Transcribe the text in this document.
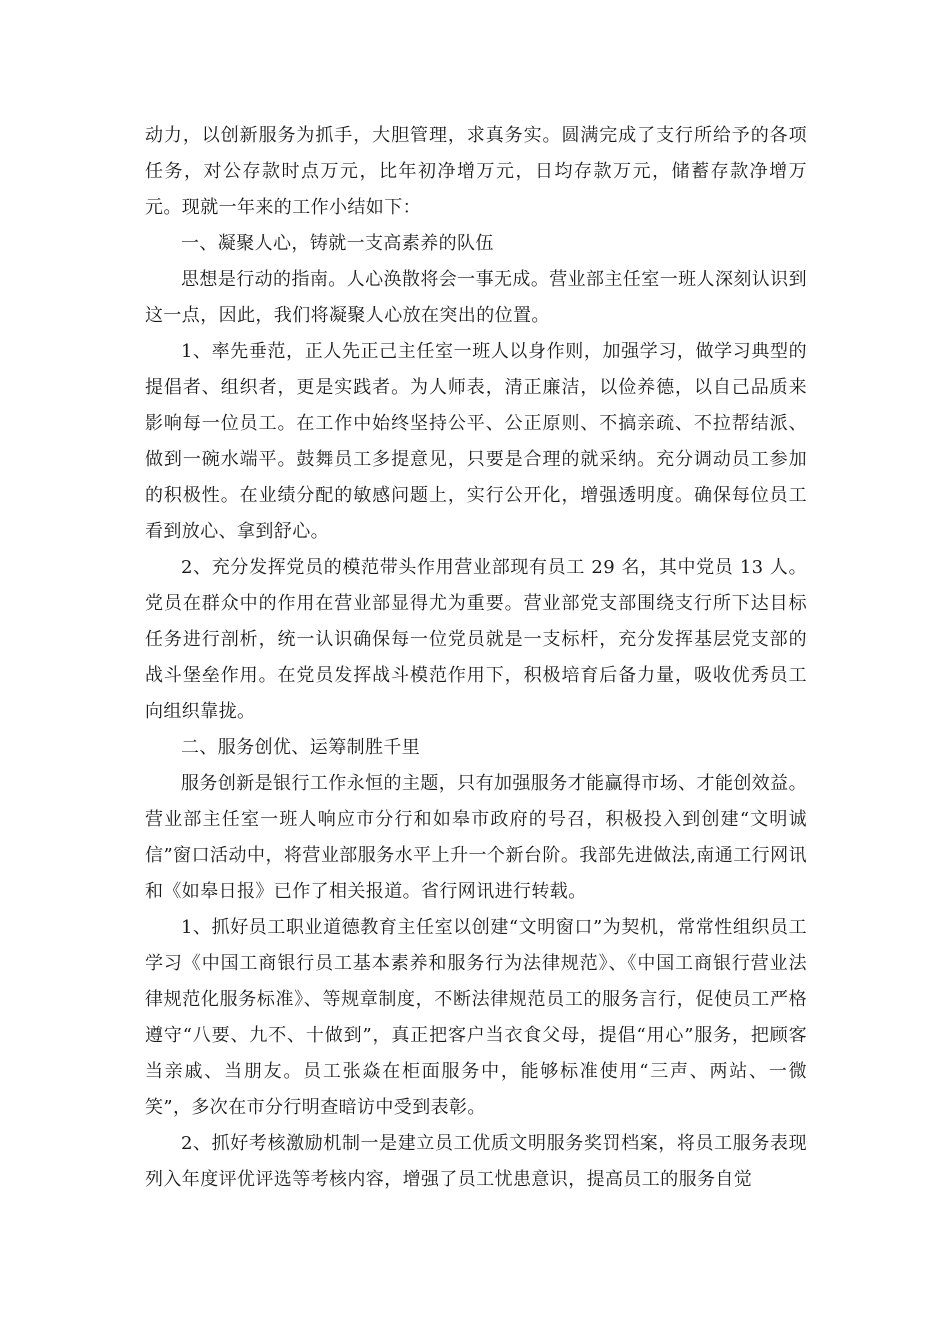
动力，以创新服务为抓手，大胆管理，求真务实。圆满完成了支行所给予的各项任务，对公存款时点万元，比年初净增万元，日均存款万元，储蓄存款净增万元。现就一年来的工作小结如下：

一、凝聚人心，铸就一支高素养的队伍

思想是行动的指南。人心涣散将会一事无成。营业部主任室一班人深刻认识到这一点，因此，我们将凝聚人心放在突出的位置。

1、率先垂范，正人先正己主任室一班人以身作则，加强学习，做学习典型的提倡者、组织者，更是实践者。为人师表，清正廉洁，以俭养德，以自己品质来影响每一位员工。在工作中始终坚持公平、公正原则、不搞亲疏、不拉帮结派、做到一碗水端平。鼓舞员工多提意见，只要是合理的就采纳。充分调动员工参加的积极性。在业绩分配的敏感问题上，实行公开化，增强透明度。确保每位员工看到放心、拿到舒心。

2、充分发挥党员的模范带头作用营业部现有员工 29 名，其中党员 13 人。党员在群众中的作用在营业部显得尤为重要。营业部党支部围绕支行所下达目标任务进行剖析，统一认识确保每一位党员就是一支标杆，充分发挥基层党支部的战斗堡垒作用。在党员发挥战斗模范作用下，积极培育后备力量，吸收优秀员工向组织靠拢。

二、服务创优、运筹制胜千里

服务创新是银行工作永恒的主题，只有加强服务才能赢得市场、才能创效益。营业部主任室一班人响应市分行和如皋市政府的号召，积极投入到创建“文明诚信”窗口活动中，将营业部服务水平上升一个新台阶。我部先进做法,南通工行网讯和《如皋日报》已作了相关报道。省行网讯进行转载。

1、抓好员工职业道德教育主任室以创建“文明窗口”为契机，常常性组织员工学习《中国工商银行员工基本素养和服务行为法律规范》、《中国工商银行营业法律规范化服务标准》、等规章制度，不断法律规范员工的服务言行，促使员工严格遵守“八要、九不、十做到”，真正把客户当衣食父母，提倡“用心”服务，把顾客当亲戚、当朋友。员工张焱在柜面服务中，能够标准使用“三声、两站、一微笑”，多次在市分行明查暗访中受到表彰。

2、抓好考核激励机制一是建立员工优质文明服务奖罚档案，将员工服务表现列入年度评优评选等考核内容，增强了员工忧患意识，提高员工的服务自觉
